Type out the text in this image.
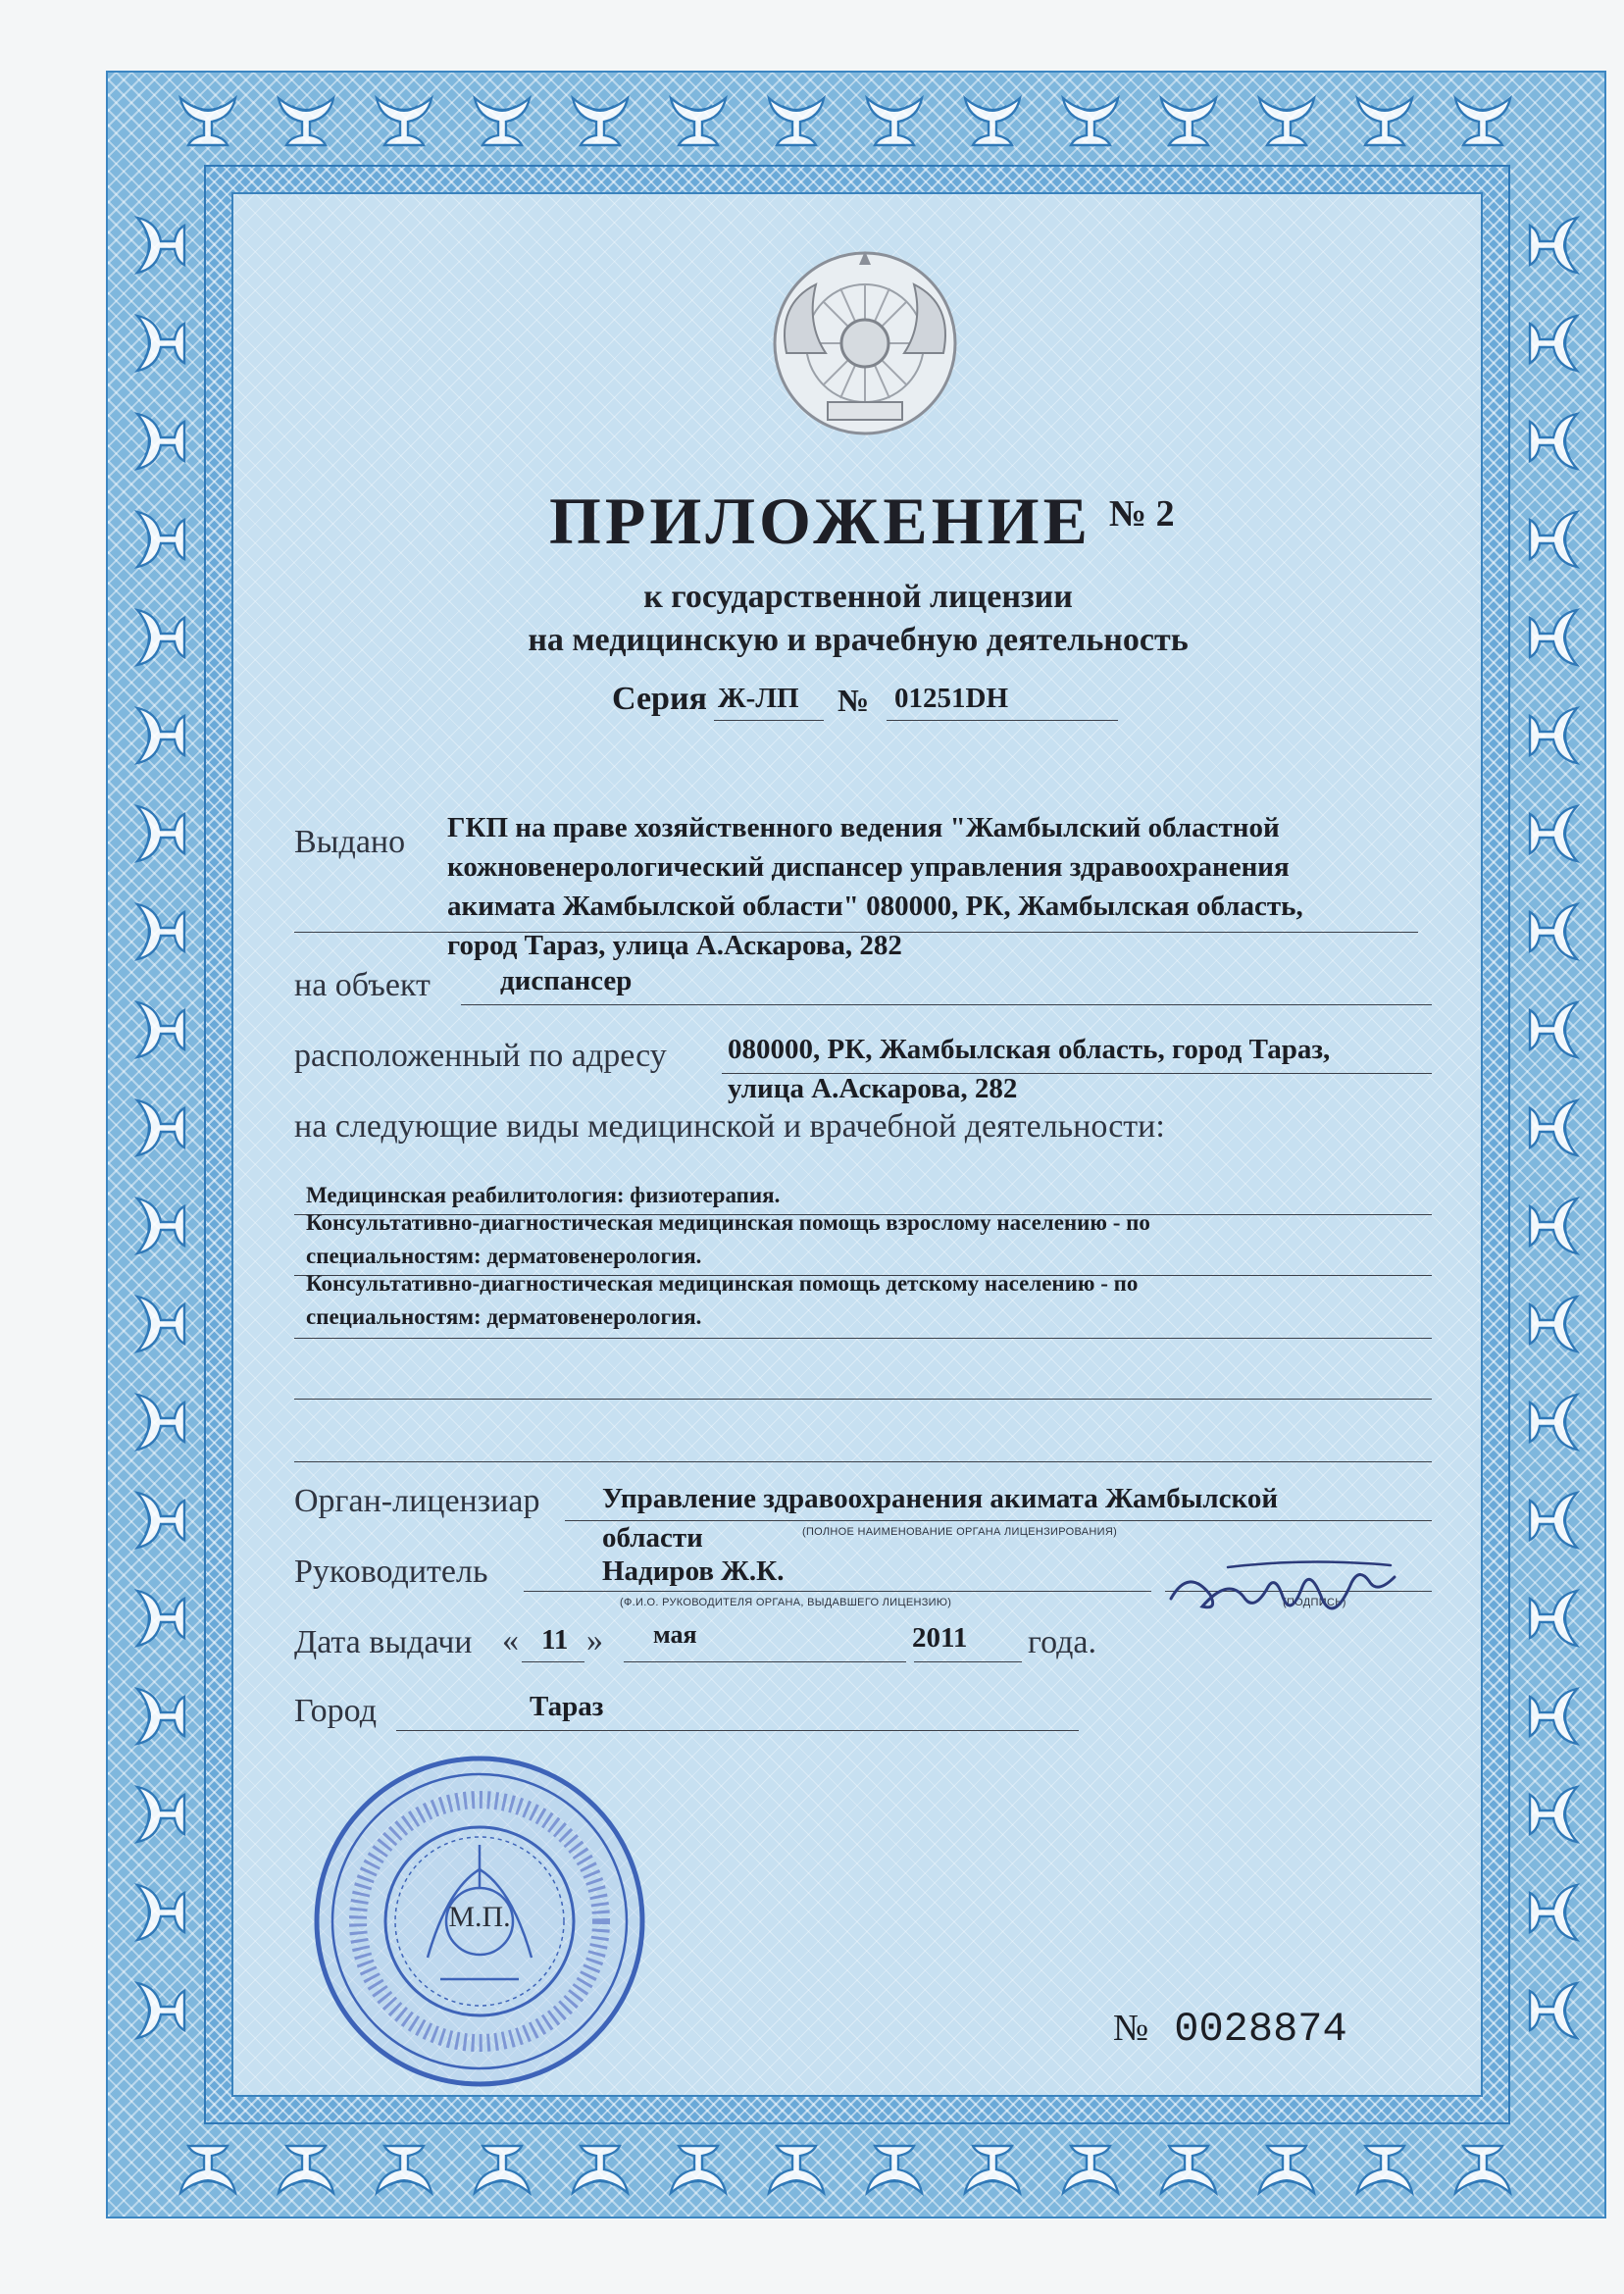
ПРИЛОЖЕНИЕ $^{№ 2}$
к государственной лицензии
на медицинскую и врачебную деятельность
Серия Ж-ЛП № 01251DH
Выдано ГКП на праве хозяйственного ведения "Жамбылский областной
кожновенерологический диспансер управления здравоохранения
акимата Жамбылской области" 080000, РК, Жамбылская область,
город Тараз, улица А.Аскарова, 282
на объект диспансер
расположенный по адресу 080000, РК, Жамбылская область, город Тараз,
улица А.Аскарова, 282
на следующие виды медицинской и врачебной деятельности:
Медицинская реабилитология: физиотерапия.
Консультативно-диагностическая медицинская помощь взрослому населению - по
специальностям: дерматовенерология.
Консультативно-диагностическая медицинская помощь детскому населению - по
специальностям: дерматовенерология.
Орган-лицензиар Управление здравоохранения акимата Жамбылской
области	(ПОЛНОЕ НАИМЕНОВАНИЕ ОРГАНА ЛИЦЕНЗИРОВАНИЯ)
Руководитель	Надиров Ж.К.
(Ф.И.О. РУКОВОДИТЕЛЯ ОРГАНА, ВЫДАВШЕГО ЛИЦЕНЗИЮ)	(ПОДПИСЬ)
Дата выдачи « 11 » мая	2011 года.
Город	Тараз
М.П.
№ 0028874
